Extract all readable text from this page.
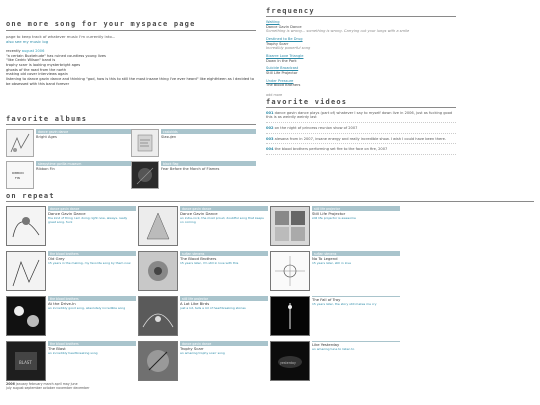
one more song for your myspace page

page to keep track of whatever music I'm currently into...

also see my music log

recently august 2006
"a certain Buxtehude" has ruined countless young lives
"like Cedric Wilson" band is
trophy scarr is looking mysterbright ages
ghosts of the road from the north
making old cover interviews again
listening to dance gavin dance and thinking "god, how is this to still the most insane thing I've ever heard" like eighthteen as I decided to be obsessed with this band forever
frequency
Waiting
Dance Gavin Dance
Something is wrong... something is wrong. Carrying out your lungs with a smile
Destined to Be Drug
Trophy Scarr
Incredibly powerful song
Bizarre Love Triangle
Down In the Park
Suicide Broadcast
Still Life Projector
Under Pressure
The Blood Brothers
add more
favorite videos
001 dance gavin dance plays (part of) whatever I say to myself down live in 2006, just as fucking good this is as weirdly weirdy last
002 on the night of princess reunion show of 2007
003 alesana from in 2007, insane energy and really incredible show. I wish I could have been there.
004 the blood brothers performing set fire to the face on fire, 2007
favorite albums
dance gavin dance
Bright Ages
casiokids
Slasujen
RIBBON
FIN
sleepytime gorilla museum
Ribbon Fin
black flag
Fear Before the March of Flames
on repeat
dance gavin dance
Dance Gavin Dance
the kind of thing I am doing right now, always. really great song. fuck
dance gavin dance
Dance Gavin Dance
an indie-rock, the most proud, doubtful song that keeps on coming
still life projector
Still Life Projector
still life projector is awesome
the blood brothers
Old Grey
15 years in the making, my favorite song by them now
sufjan stevens
The Blood Brothers
15 years later, I'm still in love with this
sufjan stevens
No To Legend
15 years later, still in love
the blood brothers
At the Drive-In
an incredibly good song, absolutely incredible song
still life projector
A Lot Like Birds
just a lot, tells a lot of heartbreaking stories
The Fall of Troy
15 years later, the story still makes me cry
BLAST
the blood brothers
The Blast
an incredibly heartbreaking song
dance gavin dance
Trophy Scarr
an amazing trophy scarr song
yesterday
Like Yesterday
an amazing tune to listen to
2006 january february march april may june
july august september october november december
